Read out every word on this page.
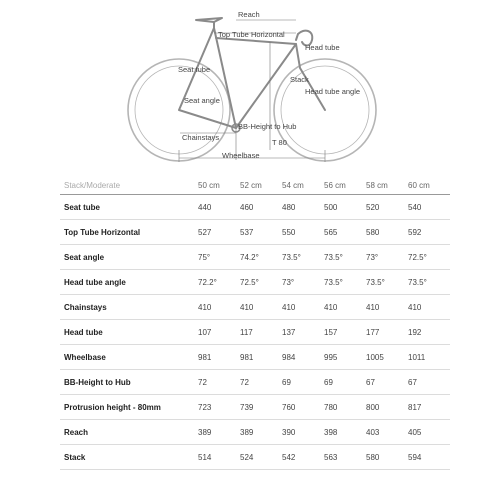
Reach
Top Tube Horizontal
Head tube
Seat tube
Stack
Head tube angle
Seat angle
BB-Height to Hub
Chainstays
T 80
Wheelbase
Stack/Moderate	50 cm	52 cm	54 cm	56 cm	58 cm	60 cm
Seat tube	440	460	480	500	520	540
Top Tube Horizontal	527	537	550	565	580	592
Seat angle	75°	74.2°	73.5°	73.5°	73°	72.5°
Head tube angle	72.2°	72.5°	73°	73.5°	73.5°	73.5°
Chainstays	410	410	410	410	410	410
Head tube	107	117	137	157	177	192
Wheelbase	981	981	984	995	1005	1011
BB-Height to Hub	72	72	69	69	67	67
Protrusion height - 80mm	723	739	760	780	800	817
Reach	389	389	390	398	403	405
Stack	514	524	542	563	580	594
